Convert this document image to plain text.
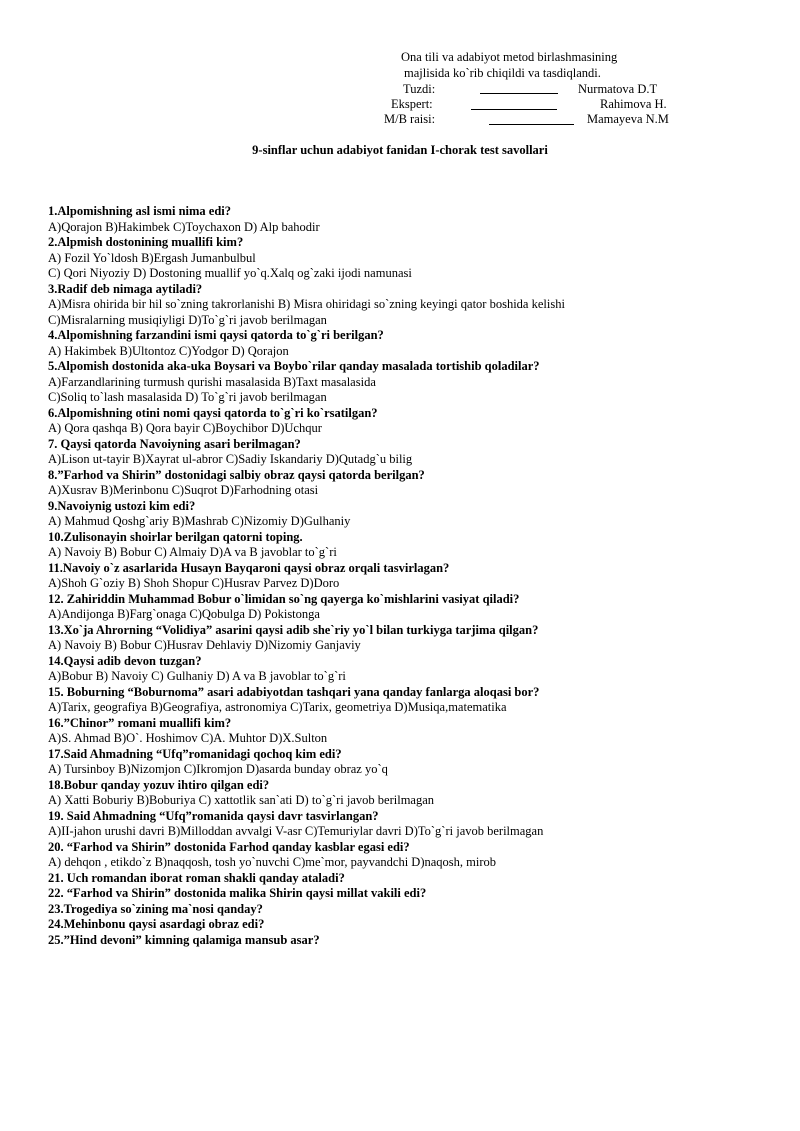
Ona tili va adabiyot metod birlashmasining
majlisida ko`rib chiqildi va tasdiqlandi.
Tuzdi:	Nurmatova D.T
Ekspert:	Rahimova H.
M/B raisi:	Mamayeva N.M
9-sinflar uchun adabiyot fanidan I-chorak test savollari
1.Alpomishning asl ismi nima edi?
A)Qorajon B)Hakimbek C)Toychaxon D) Alp bahodir
2.Alpmish dostonining muallifi kim?
A) Fozil Yo`ldosh B)Ergash Jumanbulbul
C) Qori Niyoziy D) Dostoning muallif yo`q.Xalq og`zaki ijodi namunasi
3.Radif deb nimaga aytiladi?
A)Misra ohirida bir hil so`zning takrorlanishi B) Misra ohiridagi so`zning keyingi qator boshida kelishi
C)Misralarning musiqiyligi D)To`g`ri javob berilmagan
4.Alpomishning farzandini ismi qaysi qatorda to`g`ri berilgan?
A) Hakimbek B)Ultontoz C)Yodgor D) Qorajon
5.Alpomish dostonida aka-uka Boysari va Boybo`rilar qanday masalada tortishib qoladilar?
A)Farzandlarining turmush qurishi masalasida B)Taxt masalasida
C)Soliq to`lash masalasida D) To`g`ri javob berilmagan
6.Alpomishning otini nomi qaysi qatorda to`g`ri ko`rsatilgan?
A) Qora qashqa B) Qora bayir C)Boychibor D)Uchqur
7. Qaysi qatorda Navoiyning asari berilmagan?
A)Lison ut-tayir B)Xayrat ul-abror C)Sadiy Iskandariy D)Qutadg`u bilig
8.”Farhod va Shirin” dostonidagi salbiy obraz qaysi qatorda berilgan?
A)Xusrav B)Merinbonu C)Suqrot D)Farhodning otasi
9.Navoiynig ustozi kim edi?
A) Mahmud Qoshg`ariy B)Mashrab C)Nizomiy D)Gulhaniy
10.Zulisonayin shoirlar berilgan qatorni toping.
A) Navoiy B) Bobur C) Almaiy D)A va B javoblar to`g`ri
11.Navoiy o`z asarlarida Husayn Bayqaroni qaysi obraz orqali tasvirlagan?
A)Shoh G`oziy B) Shoh Shopur C)Husrav Parvez D)Doro
12. Zahiriddin Muhammad Bobur o`limidan so`ng qayerga ko`mishlarini vasiyat qiladi?
A)Andijonga B)Farg`onaga C)Qobulga D) Pokistonga
13.Xo`ja Ahrorning “Volidiya” asarini qaysi adib she`riy yo`l bilan turkiyga tarjima qilgan?
A) Navoiy B) Bobur C)Husrav Dehlaviy D)Nizomiy Ganjaviy
14.Qaysi adib devon tuzgan?
A)Bobur B) Navoiy C) Gulhaniy D) A va B javoblar to`g`ri
15. Boburning “Boburnoma” asari adabiyotdan tashqari yana qanday fanlarga aloqasi bor?
A)Tarix, geografiya B)Geografiya, astronomiya C)Tarix, geometriya D)Musiqa,matematika
16.”Chinor” romani muallifi kim?
A)S. Ahmad B)O`. Hoshimov C)A. Muhtor D)X.Sulton
17.Said Ahmadning “Ufq”romanidagi qochoq kim edi?
A) Tursinboy B)Nizomjon C)Ikromjon D)asarda bunday obraz yo`q
18.Bobur qanday yozuv ihtiro qilgan edi?
A) Xatti Boburiy B)Boburiya C) xattotlik san`ati D) to`g`ri javob berilmagan
19. Said Ahmadning “Ufq”romanida qaysi davr tasvirlangan?
A)II-jahon urushi davri B)Milloddan avvalgi V-asr C)Temuriylar davri D)To`g`ri javob berilmagan
20. “Farhod va Shirin” dostonida Farhod qanday kasblar egasi edi?
A) dehqon , etikdo`z B)naqqosh, tosh yo`nuvchi C)me`mor, payvandchi D)naqosh, mirob
21. Uch romandan iborat roman shakli qanday ataladi?
22. “Farhod va Shirin” dostonida malika Shirin qaysi millat vakili edi?
23.Trogediya so`zining ma`nosi qanday?
24.Mehinbonu qaysi asardagi obraz edi?
25.”Hind devoni” kimning qalamiga mansub asar?
